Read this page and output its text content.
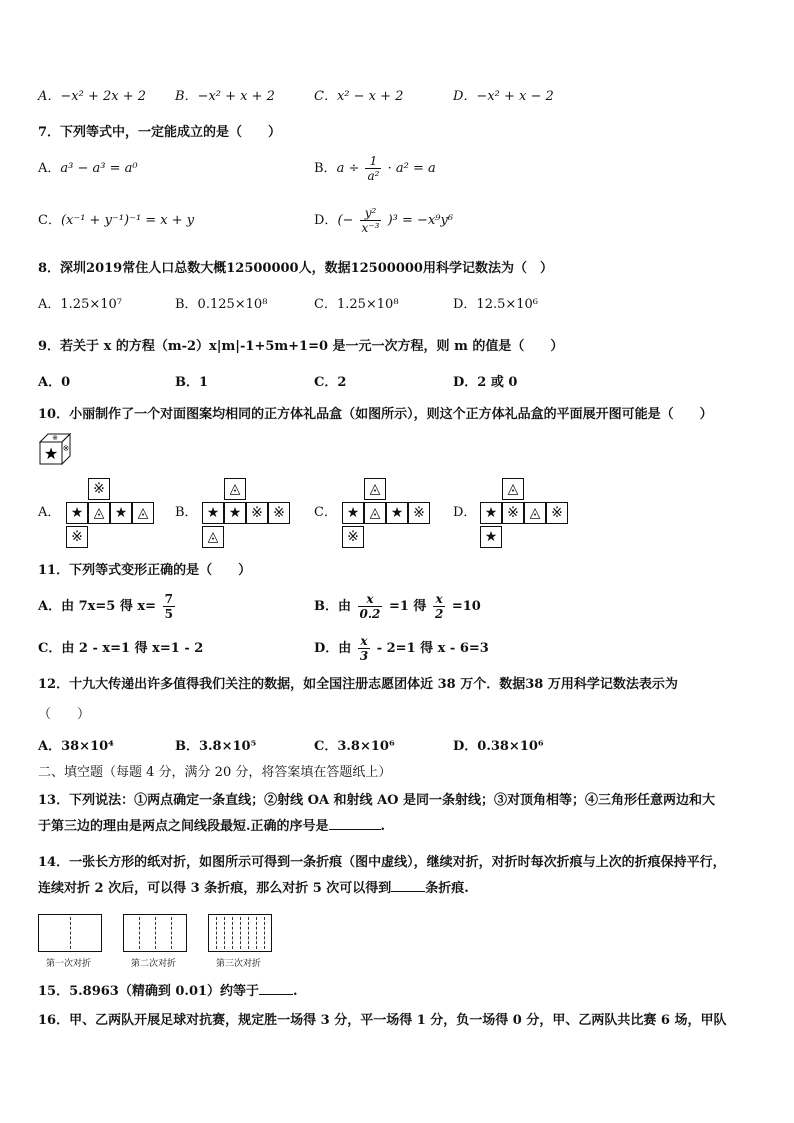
A．−x² + 2x + 2 B．−x² + x + 2	C．x² − x + 2	D．−x² + x − 2
7．下列等式中，一定能成立的是（　　）
A．a³ − a³ = a⁰	B．$a \div \frac{1}{\text{a²}} \cdot a^2 = a$
C．(x⁻¹ + y⁻¹)⁻¹ = x + y	D．(− $\frac{\text{y²}}{\text{x⁻³}} )^3 = -x^9y^6$
8．深圳2019常住人口总数大概12500000人，数据12500000用科学记数法为（　）
A．1.25×10⁷	B．0.125×10⁸	C．1.25×10⁸	D．12.5×10⁶
9．若关于 x 的方程（m-2）x|m|-1+5m+1=0 是一元一次方程，则 m 的值是（　　）
A．0	B．1	C．2	D．2 或 0
10．小丽制作了一个对面图案均相同的正方体礼品盒（如图所示），则这个正方体礼品盒的平面展开图可能是（　　）
★ ※
※
A．	B．	C．	D．
※
★ ◬ ★ ◬
※
◬
★ ★ ※ ※
◬
◬
★ ◬ ★ ※
※
◬
★ ※ ◬ ※
★
11．下列等式变形正确的是（　　）
A．由 7x=5 得 $x= \frac{7}{5}$	B．由 $\frac{x}{0.2} =1$ 得 $\frac{x}{2} =10$
C．由 2 - x=1 得 x=1 - 2	D．由 $\frac{x}{3} - 2=1$ 得 x - 6=3
12．十九大传递出许多值得我们关注的数据，如全国注册志愿团体近 38 万个．数据38 万用科学记数法表示为
（　　）
A．38×10⁴	B．3.8×10⁵	C．3.8×10⁶	D．0.38×10⁶
二、填空题（每题 4 分，满分 20 分，将答案填在答题纸上）
13．下列说法：①两点确定一条直线；②射线 OA 和射线 AO 是同一条射线；③对顶角相等；④三角形任意两边和大
于第三边的理由是两点之间线段最短.正确的序号是	.
14．一张长方形的纸对折，如图所示可得到一条折痕（图中虚线），继续对折，对折时每次折痕与上次的折痕保持平行，
连续对折 2 次后，可以得 3 条折痕，那么对折 5 次可以得到	条折痕.
第一次对折	第二次对折	第三次对折
15．5.8963（精确到 0.01）约等于	.
16．甲、乙两队开展足球对抗赛，规定胜一场得 3 分，平一场得 1 分，负一场得 0 分，甲、乙两队共比赛 6 场，甲队
